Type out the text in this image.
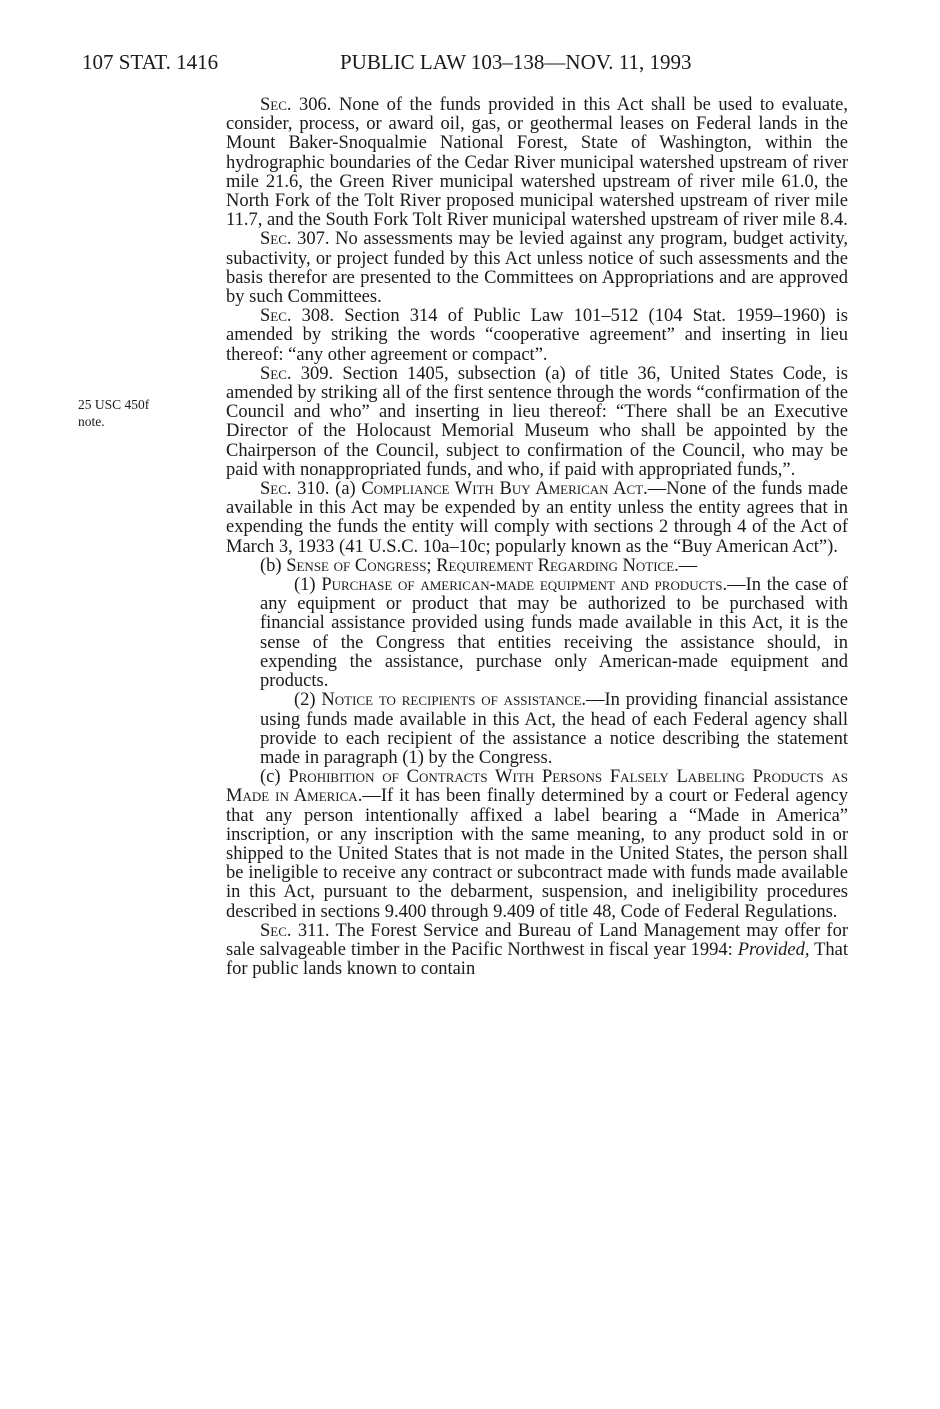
107 STAT. 1416	PUBLIC LAW 103–138—NOV. 11, 1993
25 USC 450f
note.

Sec. 306. None of the funds provided in this Act shall be used to evaluate, consider, process, or award oil, gas, or geothermal leases on Federal lands in the Mount Baker-Snoqualmie National Forest, State of Washington, within the hydrographic boundaries of the Cedar River municipal watershed upstream of river mile 21.6, the Green River municipal watershed upstream of river mile 61.0, the North Fork of the Tolt River proposed municipal watershed upstream of river mile 11.7, and the South Fork Tolt River municipal watershed upstream of river mile 8.4.

Sec. 307. No assessments may be levied against any program, budget activity, subactivity, or project funded by this Act unless notice of such assessments and the basis therefor are presented to the Committees on Appropriations and are approved by such Committees.

Sec. 308. Section 314 of Public Law 101–512 (104 Stat. 1959–1960) is amended by striking the words “cooperative agreement” and inserting in lieu thereof: “any other agreement or compact”.

Sec. 309. Section 1405, subsection (a) of title 36, United States Code, is amended by striking all of the first sentence through the words “confirmation of the Council and who” and inserting in lieu thereof: “There shall be an Executive Director of the Holocaust Memorial Museum who shall be appointed by the Chairperson of the Council, subject to confirmation of the Council, who may be paid with nonappropriated funds, and who, if paid with appropriated funds,”.

Sec. 310. (a) Compliance With Buy American Act.—None of the funds made available in this Act may be expended by an entity unless the entity agrees that in expending the funds the entity will comply with sections 2 through 4 of the Act of March 3, 1933 (41 U.S.C. 10a–10c; popularly known as the “Buy American Act”).

(b) Sense of Congress; Requirement Regarding Notice.—

(1) Purchase of american-made equipment and products.—In the case of any equipment or product that may be authorized to be purchased with financial assistance provided using funds made available in this Act, it is the sense of the Congress that entities receiving the assistance should, in expending the assistance, purchase only American-made equipment and products.

(2) Notice to recipients of assistance.—In providing financial assistance using funds made available in this Act, the head of each Federal agency shall provide to each recipient of the assistance a notice describing the statement made in paragraph (1) by the Congress.

(c) Prohibition of Contracts With Persons Falsely Labeling Products as Made in America.—If it has been finally determined by a court or Federal agency that any person intentionally affixed a label bearing a “Made in America” inscription, or any inscription with the same meaning, to any product sold in or shipped to the United States that is not made in the United States, the person shall be ineligible to receive any contract or subcontract made with funds made available in this Act, pursuant to the debarment, suspension, and ineligibility procedures described in sections 9.400 through 9.409 of title 48, Code of Federal Regulations.

Sec. 311. The Forest Service and Bureau of Land Management may offer for sale salvageable timber in the Pacific Northwest in fiscal year 1994: Provided, That for public lands known to contain
